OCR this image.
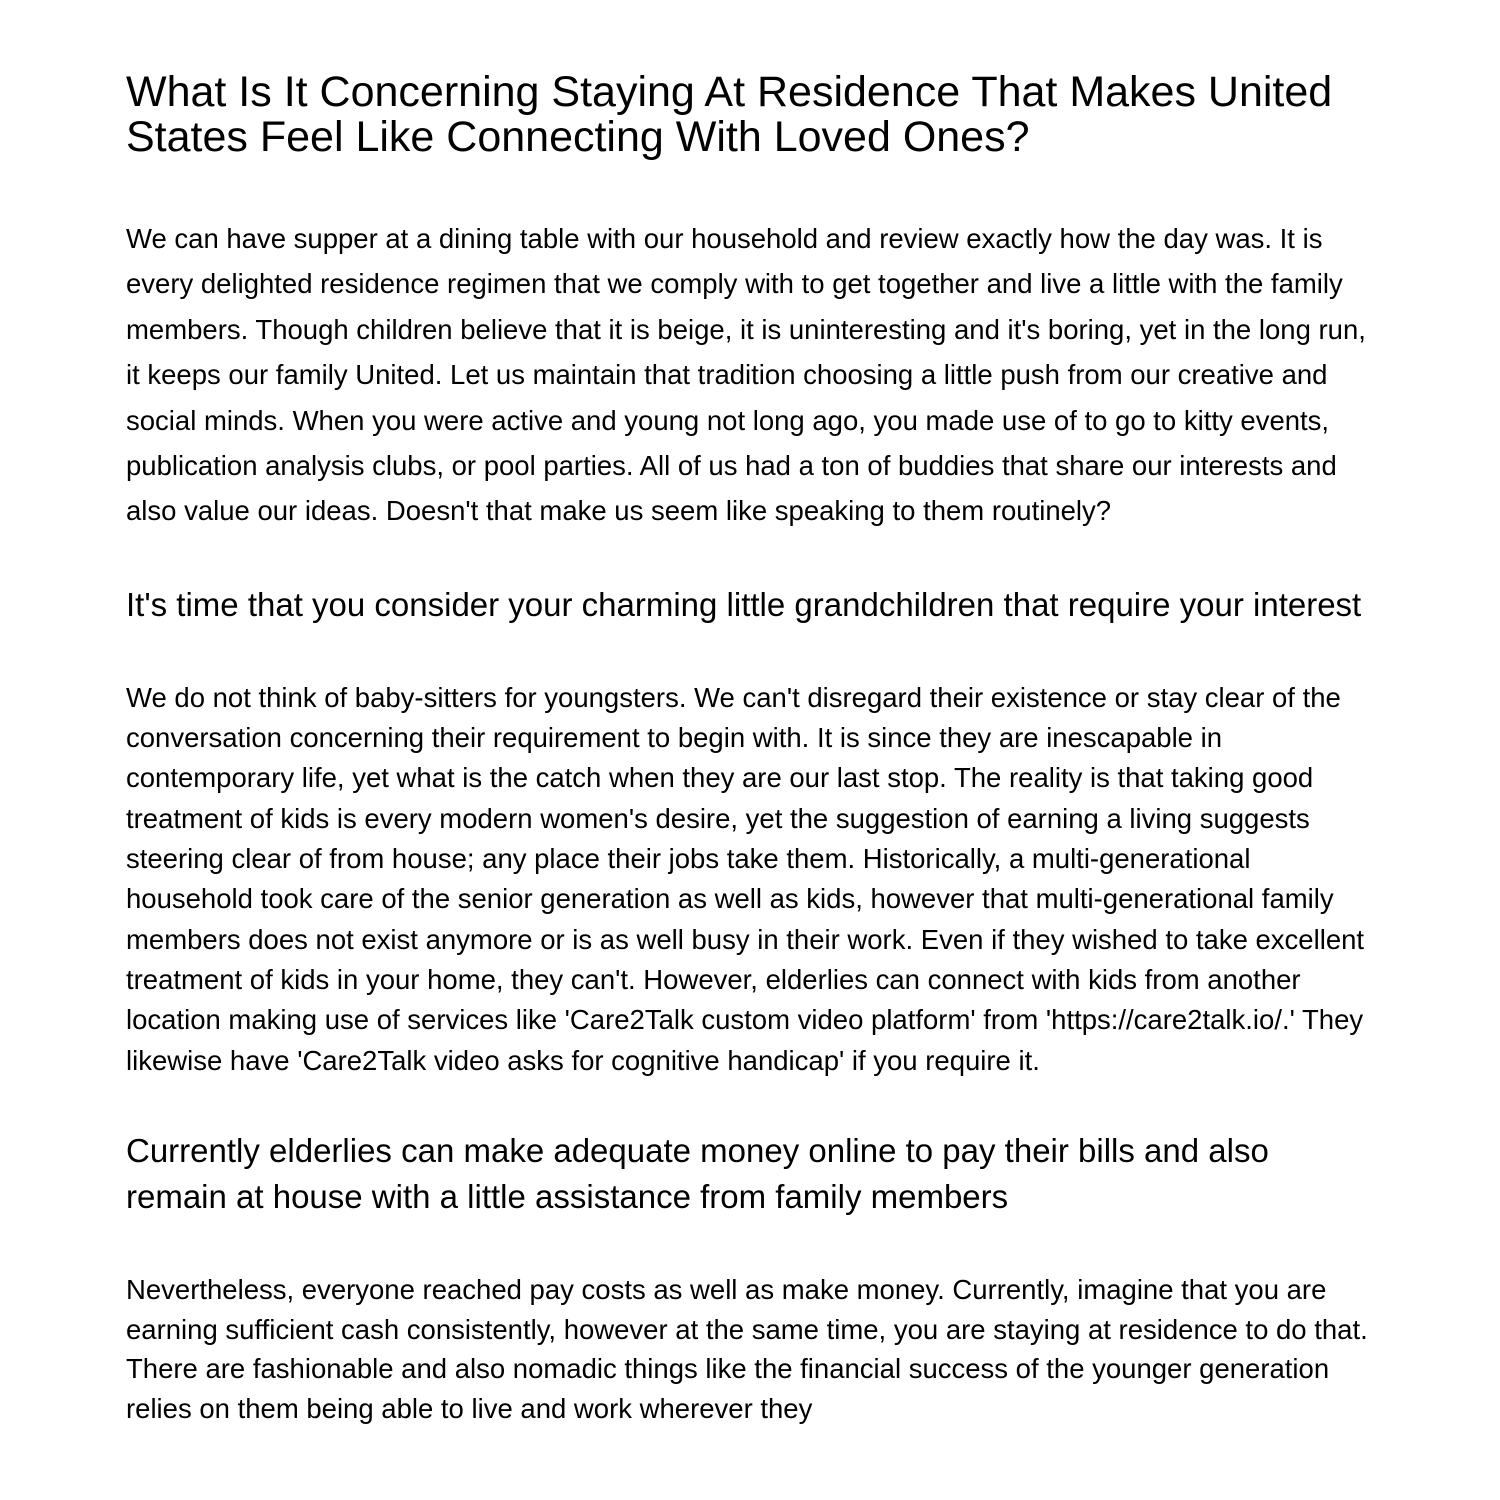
What Is It Concerning Staying At Residence That Makes United States Feel Like Connecting With Loved Ones?

We can have supper at a dining table with our household and review exactly how the day was. It is every delighted residence regimen that we comply with to get together and live a little with the family members. Though children believe that it is beige, it is uninteresting and it's boring, yet in the long run, it keeps our family United. Let us maintain that tradition choosing a little push from our creative and social minds. When you were active and young not long ago, you made use of to go to kitty events, publication analysis clubs, or pool parties. All of us had a ton of buddies that share our interests and also value our ideas. Doesn't that make us seem like speaking to them routinely?

It's time that you consider your charming little grandchildren that require your interest

We do not think of baby-sitters for youngsters. We can't disregard their existence or stay clear of the conversation concerning their requirement to begin with. It is since they are inescapable in contemporary life, yet what is the catch when they are our last stop. The reality is that taking good treatment of kids is every modern women's desire, yet the suggestion of earning a living suggests steering clear of from house; any place their jobs take them. Historically, a multi-generational household took care of the senior generation as well as kids, however that multi-generational family members does not exist anymore or is as well busy in their work. Even if they wished to take excellent treatment of kids in your home, they can't. However, elderlies can connect with kids from another location making use of services like 'Care2Talk custom video platform' from 'https://care2talk.io/.' They likewise have 'Care2Talk video asks for cognitive handicap' if you require it.

Currently elderlies can make adequate money online to pay their bills and also remain at house with a little assistance from family members

Nevertheless, everyone reached pay costs as well as make money. Currently, imagine that you are earning sufficient cash consistently, however at the same time, you are staying at residence to do that. There are fashionable and also nomadic things like the financial success of the younger generation relies on them being able to live and work wherever they
